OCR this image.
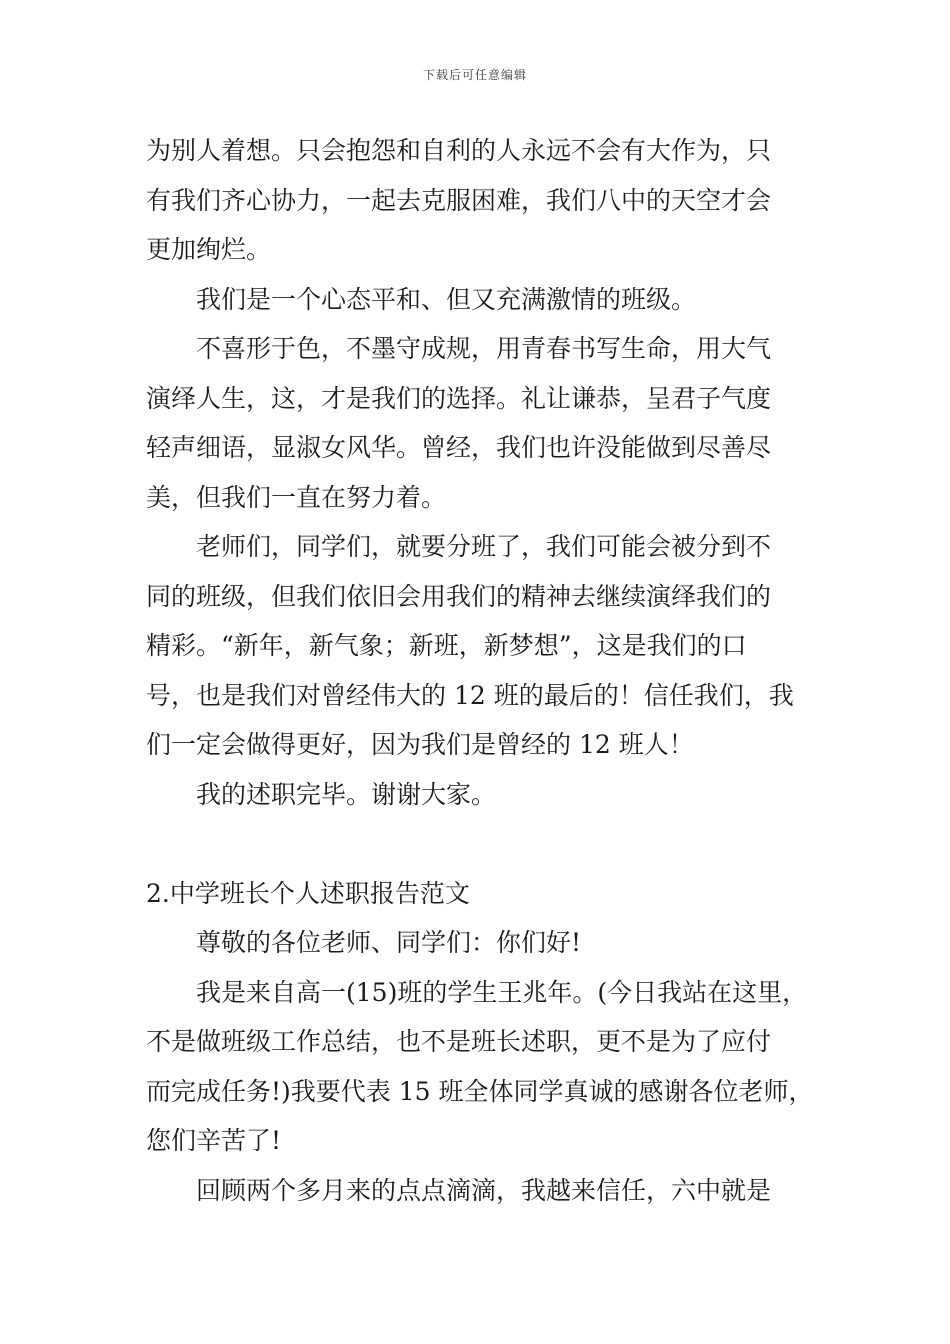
下载后可任意编辑
为别人着想。只会抱怨和自利的人永远不会有大作为，只
有我们齐心协力，一起去克服困难，我们八中的天空才会
更加绚烂。
我们是一个心态平和、但又充满激情的班级。
不喜形于色，不墨守成规，用青春书写生命，用大气
演绎人生，这，才是我们的选择。礼让谦恭，呈君子气度
轻声细语，显淑女风华。曾经，我们也许没能做到尽善尽
美，但我们一直在努力着。
老师们，同学们，就要分班了，我们可能会被分到不
同的班级，但我们依旧会用我们的精神去继续演绎我们的
精彩。“新年，新气象；新班，新梦想”，这是我们的口
号，也是我们对曾经伟大的 12 班的最后的！信任我们，我
们一定会做得更好，因为我们是曾经的 12 班人！
我的述职完毕。谢谢大家。
2.中学班长个人述职报告范文
尊敬的各位老师、同学们：你们好!
我是来自高一(15)班的学生王兆年。(今日我站在这里，
不是做班级工作总结，也不是班长述职，更不是为了应付
而完成任务!)我要代表 15 班全体同学真诚的感谢各位老师，
您们辛苦了!
回顾两个多月来的点点滴滴，我越来信任，六中就是
